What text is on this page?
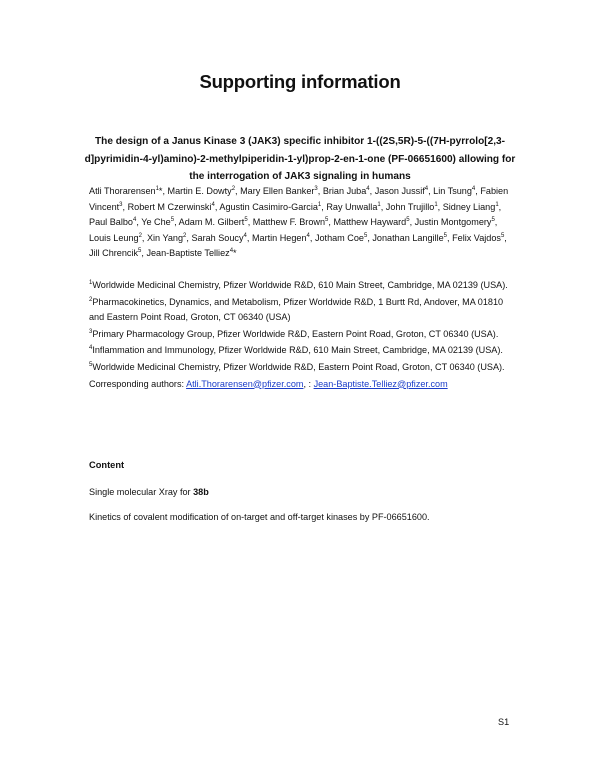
Supporting information
The design of a Janus Kinase 3 (JAK3) specific inhibitor 1-((2S,5R)-5-((7H-pyrrolo[2,3-d]pyrimidin-4-yl)amino)-2-methylpiperidin-1-yl)prop-2-en-1-one (PF-06651600) allowing for the interrogation of JAK3 signaling in humans
Atli Thorarensen$^1$*, Martin E. Dowty$^2$, Mary Ellen Banker$^3$, Brian Juba$^4$, Jason Jussif$^4$, Lin Tsung$^4$, Fabien Vincent$^3$, Robert M Czerwinski$^4$, Agustin Casimiro-Garcia$^1$, Ray Unwalla$^1$, John Trujillo$^1$, Sidney Liang$^1$, Paul Balbo$^4$, Ye Che$^5$, Adam M. Gilbert$^5$, Matthew F. Brown$^5$, Matthew Hayward$^5$, Justin Montgomery$^5$, Louis Leung$^2$, Xin Yang$^2$, Sarah Soucy$^4$, Martin Hegen$^4$, Jotham Coe$^5$, Jonathan Langille$^5$, Felix Vajdos$^5$, Jill Chrencik$^5$, Jean-Baptiste Telliez$^4$*

$^1$Worldwide Medicinal Chemistry, Pfizer Worldwide R&D, 610 Main Street, Cambridge, MA 02139 (USA).

$^2$Pharmacokinetics, Dynamics, and Metabolism, Pfizer Worldwide R&D, 1 Burtt Rd, Andover, MA 01810 and Eastern Point Road, Groton, CT 06340 (USA)

$^3$Primary Pharmacology Group, Pfizer Worldwide R&D, Eastern Point Road, Groton, CT 06340 (USA).

$^4$Inflammation and Immunology, Pfizer Worldwide R&D, 610 Main Street, Cambridge, MA 02139 (USA).

$^5$Worldwide Medicinal Chemistry, Pfizer Worldwide R&D, Eastern Point Road, Groton, CT 06340 (USA).

Corresponding authors: Atli.Thorarensen@pfizer.com, : Jean-Baptiste.Telliez@pfizer.com

Content
Single molecular Xray for 38b
Kinetics of covalent modification of on-target and off-target kinases by PF-06651600.
S1
